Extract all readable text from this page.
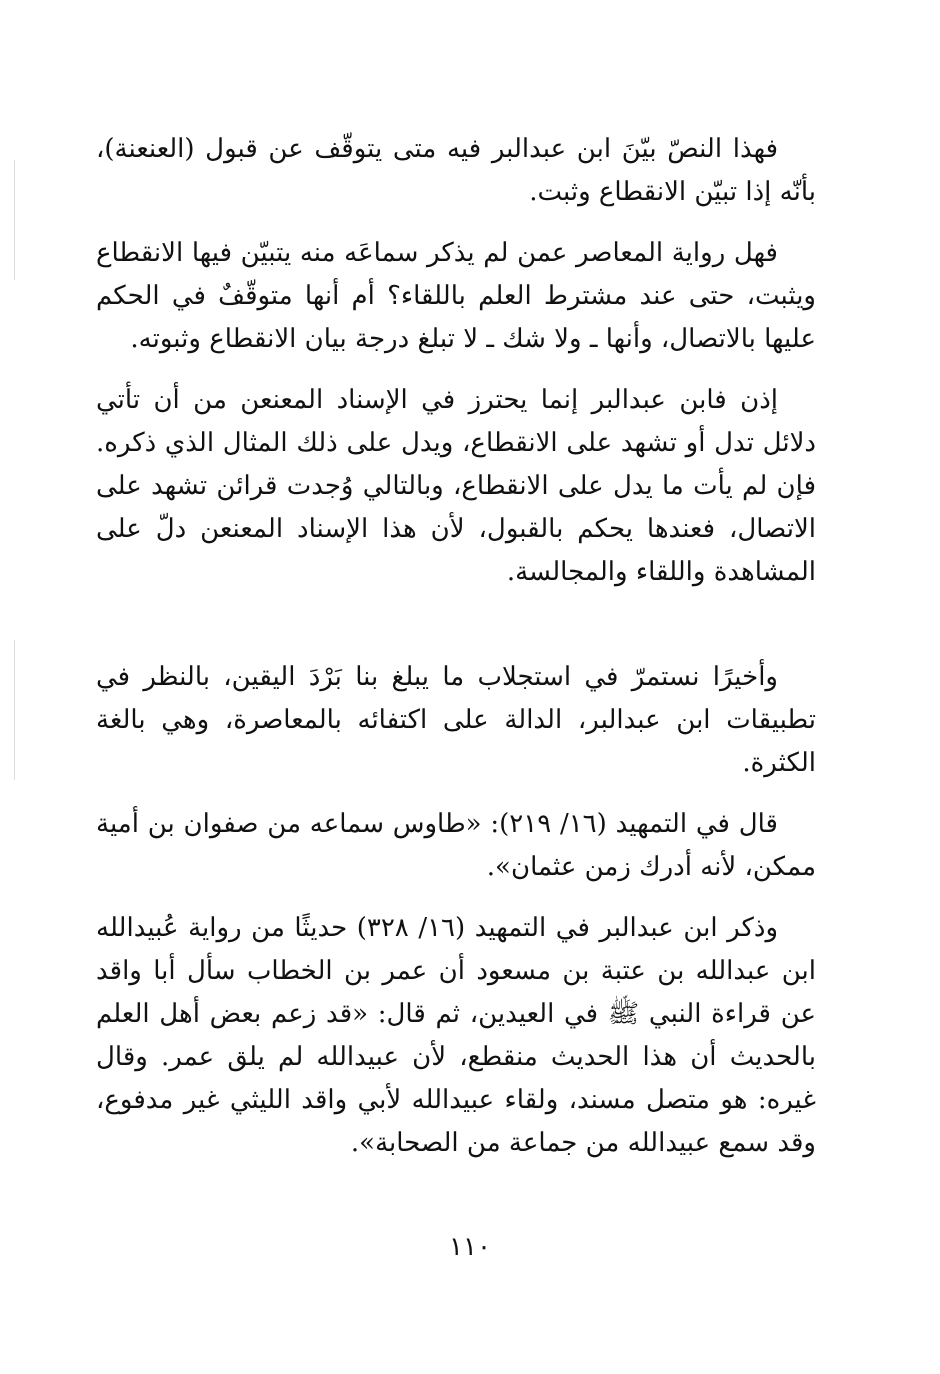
فهذا النصّ بيّنَ ابن عبدالبر فيه متى يتوقّف عن قبول (العنعنة)، بأنّه إذا تبيّن الانقطاع وثبت.

فهل رواية المعاصر عمن لم يذكر سماعَه منه يتبيّن فيها الانقطاع ويثبت، حتى عند مشترط العلم باللقاء؟ أم أنها متوقّفٌ في الحكم عليها بالاتصال، وأنها ـ ولا شك ـ لا تبلغ درجة بيان الانقطاع وثبوته.

إذن فابن عبدالبر إنما يحترز في الإسناد المعنعن من أن تأتي دلائل تدل أو تشهد على الانقطاع، ويدل على ذلك المثال الذي ذكره. فإن لم يأت ما يدل على الانقطاع، وبالتالي وُجدت قرائن تشهد على الاتصال، فعندها يحكم بالقبول، لأن هذا الإسناد المعنعن دلّ على المشاهدة واللقاء والمجالسة.

وأخيرًا نستمرّ في استجلاب ما يبلغ بنا بَرْدَ اليقين، بالنظر في تطبيقات ابن عبدالبر، الدالة على اكتفائه بالمعاصرة، وهي بالغة الكثرة.

قال في التمهيد (١٦/ ٢١٩): «طاوس سماعه من صفوان بن أمية ممكن، لأنه أدرك زمن عثمان».

وذكر ابن عبدالبر في التمهيد (١٦/ ٣٢٨) حديثًا من رواية عُبيدالله ابن عبدالله بن عتبة بن مسعود أن عمر بن الخطاب سأل أبا واقد عن قراءة النبي ﷺ في العيدين، ثم قال: «قد زعم بعض أهل العلم بالحديث أن هذا الحديث منقطع، لأن عبيدالله لم يلق عمر. وقال غيره: هو متصل مسند، ولقاء عبيدالله لأبي واقد الليثي غير مدفوع، وقد سمع عبيدالله من جماعة من الصحابة».

١١٠
